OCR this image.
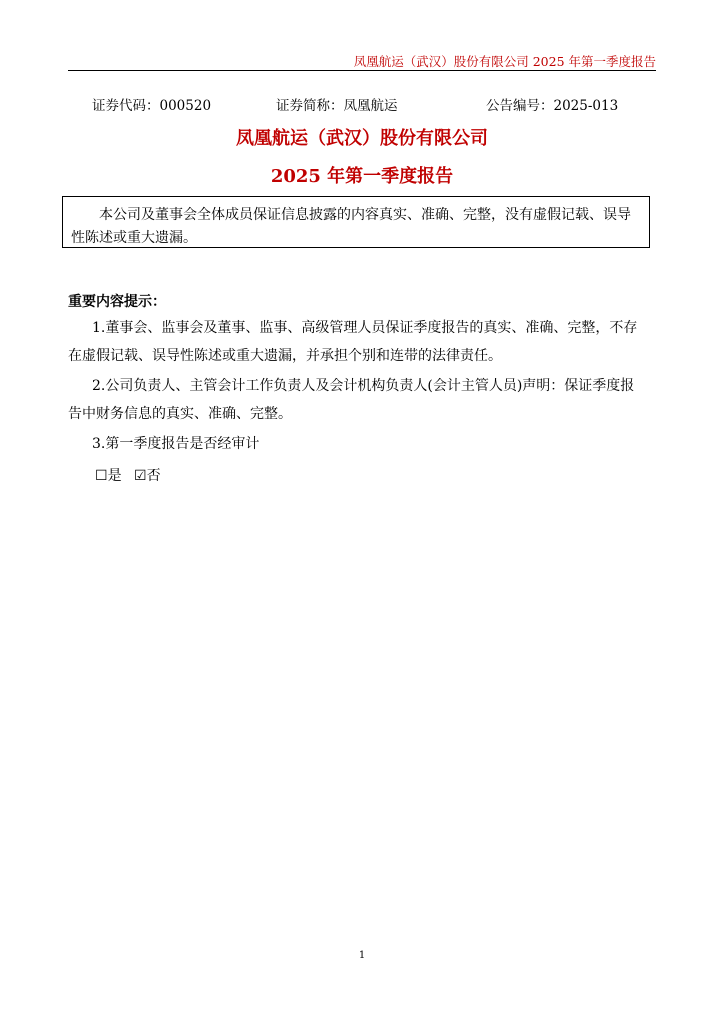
凤凰航运（武汉）股份有限公司 2025 年第一季度报告
证券代码：000520	证券简称：凤凰航运	公告编号：2025-013
凤凰航运（武汉）股份有限公司
2025 年第一季度报告
本公司及董事会全体成员保证信息披露的内容真实、准确、完整，没有虚假记载、误导性陈述或重大遗漏。
重要内容提示：
1.董事会、监事会及董事、监事、高级管理人员保证季度报告的真实、准确、完整，不存在虚假记载、误导性陈述或重大遗漏，并承担个别和连带的法律责任。
2.公司负责人、主管会计工作负责人及会计机构负责人(会计主管人员)声明：保证季度报告中财务信息的真实、准确、完整。
3.第一季度报告是否经审计
☐是 ☑否
1
